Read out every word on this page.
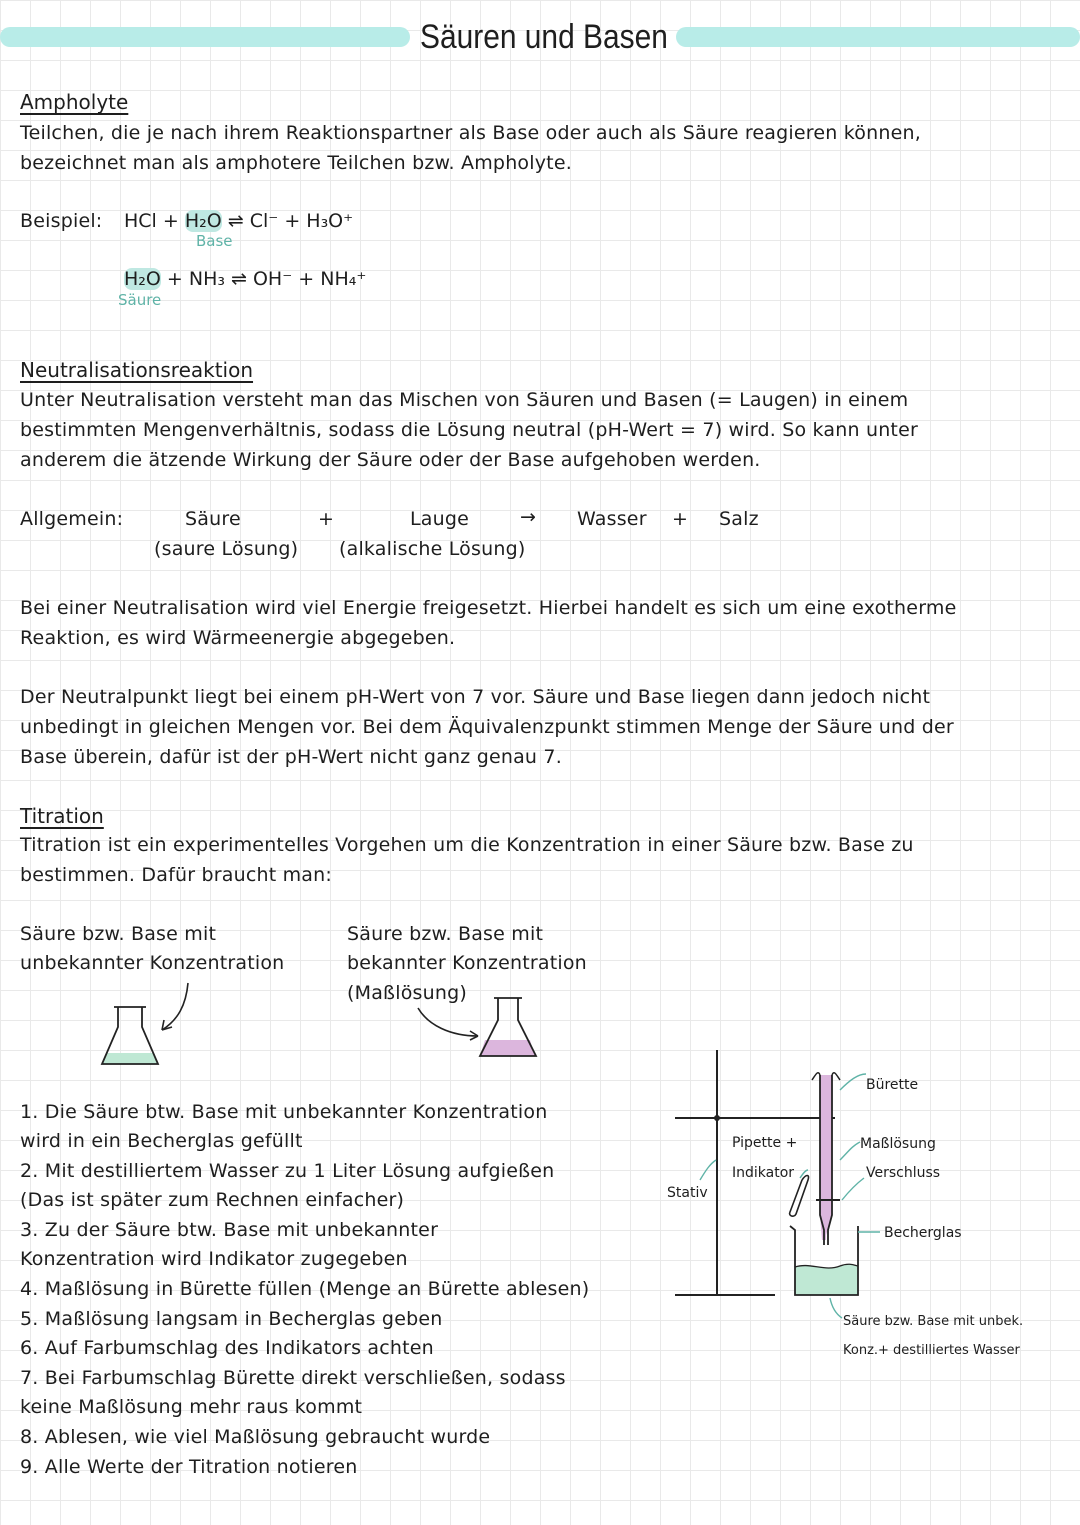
Säuren und Basen
Ampholyte
Teilchen, die je nach ihrem Reaktionspartner als Base oder auch als Säure reagieren können,
bezeichnet man als amphotere Teilchen bzw. Ampholyte.
Beispiel: HCl + H₂O ⇌ Cl⁻ + H₃O⁺
Base
H₂O + NH₃ ⇌ OH⁻ + NH₄⁺
Säure
Neutralisationsreaktion
Unter Neutralisation versteht man das Mischen von Säuren und Basen (= Laugen) in einem
bestimmten Mengenverhältnis, sodass die Lösung neutral (pH-Wert = 7) wird. So kann unter
anderem die ätzende Wirkung der Säure oder der Base aufgehoben werden.
Allgemein:	Säure	+	Lauge	→ Wasser + Salz
(saure Lösung) (alkalische Lösung)
Bei einer Neutralisation wird viel Energie freigesetzt. Hierbei handelt es sich um eine exotherme
Reaktion, es wird Wärmeenergie abgegeben.
Der Neutralpunkt liegt bei einem pH-Wert von 7 vor. Säure und Base liegen dann jedoch nicht
unbedingt in gleichen Mengen vor. Bei dem Äquivalenzpunkt stimmen Menge der Säure und der
Base überein, dafür ist der pH-Wert nicht ganz genau 7.
Titration
Titration ist ein experimentelles Vorgehen um die Konzentration in einer Säure bzw. Base zu
bestimmen. Dafür braucht man:
Säure bzw. Base mit
unbekannter Konzentration
Säure bzw. Base mit
bekannter Konzentration
(Maßlösung)
1. Die Säure btw. Base mit unbekannter Konzentration
wird in ein Becherglas gefüllt
2. Mit destilliertem Wasser zu 1 Liter Lösung aufgießen
(Das ist später zum Rechnen einfacher)
3. Zu der Säure btw. Base mit unbekannter
Konzentration wird Indikator zugegeben
4. Maßlösung in Bürette füllen (Menge an Bürette ablesen)
5. Maßlösung langsam in Becherglas geben
6. Auf Farbumschlag des Indikators achten
7. Bei Farbumschlag Bürette direkt verschließen, sodass
keine Maßlösung mehr raus kommt
8. Ablesen, wie viel Maßlösung gebraucht wurde
9. Alle Werte der Titration notieren
Bürette
Pipette +
Indikator
Maßlösung
Verschluss
Stativ
Becherglas
Säure bzw. Base mit unbek.
Konz.+ destilliertes Wasser
